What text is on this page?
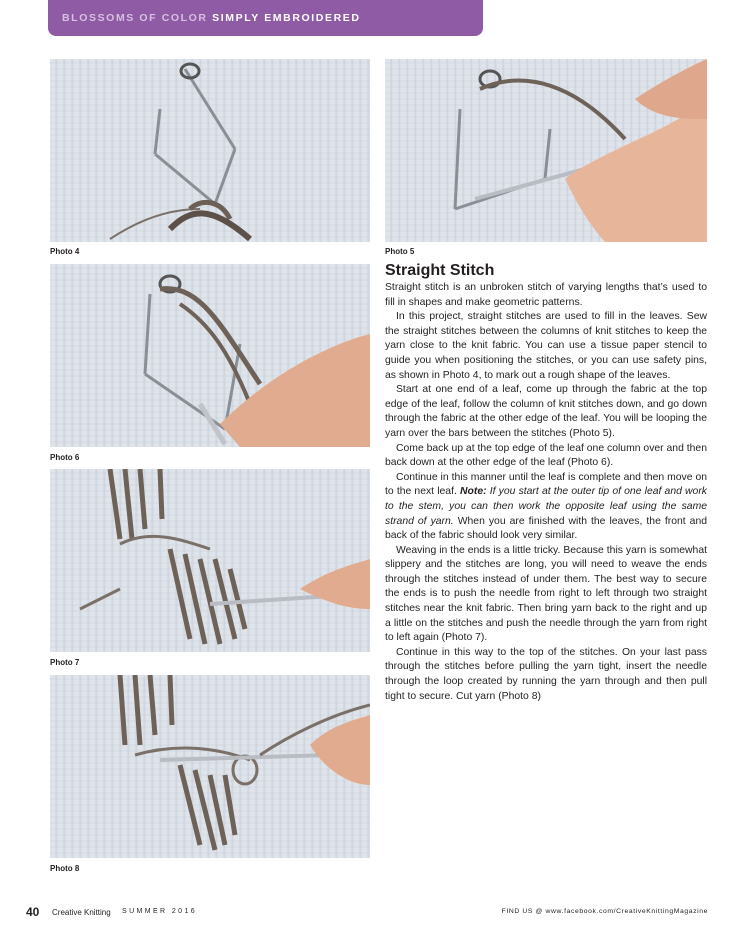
BLOSSOMS OF COLOR SIMPLY EMBROIDERED
Photo 4	Photo 5
Photo 6
Photo 7
Photo 8
Straight Stitch

Straight stitch is an unbroken stitch of varying lengths that’s used to fill in shapes and make geometric patterns.

In this project, straight stitches are used to fill in the leaves. Sew the straight stitches between the columns of knit stitches to keep the yarn close to the knit fabric. You can use a tissue paper stencil to guide you when positioning the stitches, or you can use safety pins, as shown in Photo 4, to mark out a rough shape of the leaves.

Start at one end of a leaf, come up through the fabric at the top edge of the leaf, follow the column of knit stitches down, and go down through the fabric at the other edge of the leaf. You will be looping the yarn over the bars between the stitches (Photo 5).

Come back up at the top edge of the leaf one column over and then back down at the other edge of the leaf (Photo 6).

Continue in this manner until the leaf is complete and then move on to the next leaf. Note: If you start at the outer tip of one leaf and work to the stem, you can then work the opposite leaf using the same strand of yarn. When you are finished with the leaves, the front and back of the fabric should look very similar.

Weaving in the ends is a little tricky. Because this yarn is somewhat slippery and the stitches are long, you will need to weave the ends through the stitches instead of under them. The best way to secure the ends is to push the needle from right to left through two straight stitches near the knit fabric. Then bring yarn back to the right and up a little on the stitches and push the needle through the yarn from right to left again (Photo 7).

Continue in this way to the top of the stitches. On your last pass through the stitches before pulling the yarn tight, insert the needle through the loop created by running the yarn through and then pull tight to secure. Cut yarn (Photo 8)

40 Creative Knitting SUMMER 2016	FIND US @ www.facebook.com/CreativeKnittingMagazine
